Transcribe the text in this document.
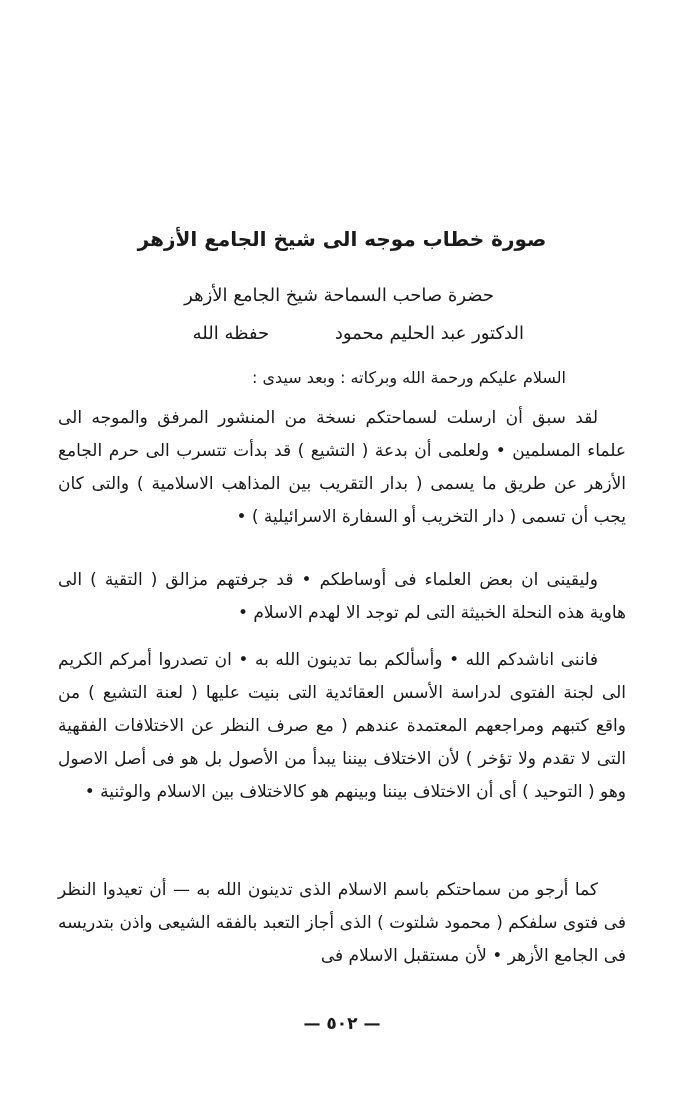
صورة خطاب موجه الى شيخ الجامع الأزهر
حضرة صاحب السماحة شيخ الجامع الأزهر
الدكتور عبد الحليم محمود حفظه الله
السلام عليكم ورحمة الله وبركاته : وبعد سيدى :

لقد سبق أن ارسلت لسماحتكم نسخة من المنشور المرفق والموجه الى علماء المسلمين • ولعلمى أن بدعة ( التشيع ) قد بدأت تتسرب الى حرم الجامع الأزهر عن طريق ما يسمى ( بدار التقريب بين المذاهب الاسلامية ) والتى كان يجب أن تسمى ( دار التخريب أو السفارة الاسرائيلية ) •

وليقينى ان بعض العلماء فى أوساطكم • قد جرفتهم مزالق ( التقية ) الى هاوية هذه النحلة الخبيثة التى لم توجد الا لهدم الاسلام •

فاننى اناشدكم الله • وأسألكم بما تدينون الله به • ان تصدروا أمركم الكريم الى لجنة الفتوى لدراسة الأسس العقائدية التى بنيت عليها ( لعنة التشيع ) من واقع كتبهم ومراجعهم المعتمدة عندهم ( مع صرف النظر عن الاختلافات الفقهية التى لا تقدم ولا تؤخر ) لأن الاختلاف بيننا يبدأ من الأصول بل هو فى أصل الاصول وهو ( التوحيد ) أى أن الاختلاف بيننا وبينهم هو كالاختلاف بين الاسلام والوثنية •

كما أرجو من سماحتكم باسم الاسلام الذى تدينون الله به — أن تعيدوا النظر فى فتوى سلفكم ( محمود شلتوت ) الذى أجاز التعبد بالفقه الشيعى واذن بتدريسه فى الجامع الأزهر • لأن مستقبل الاسلام فى

— ٥٠٢ —
